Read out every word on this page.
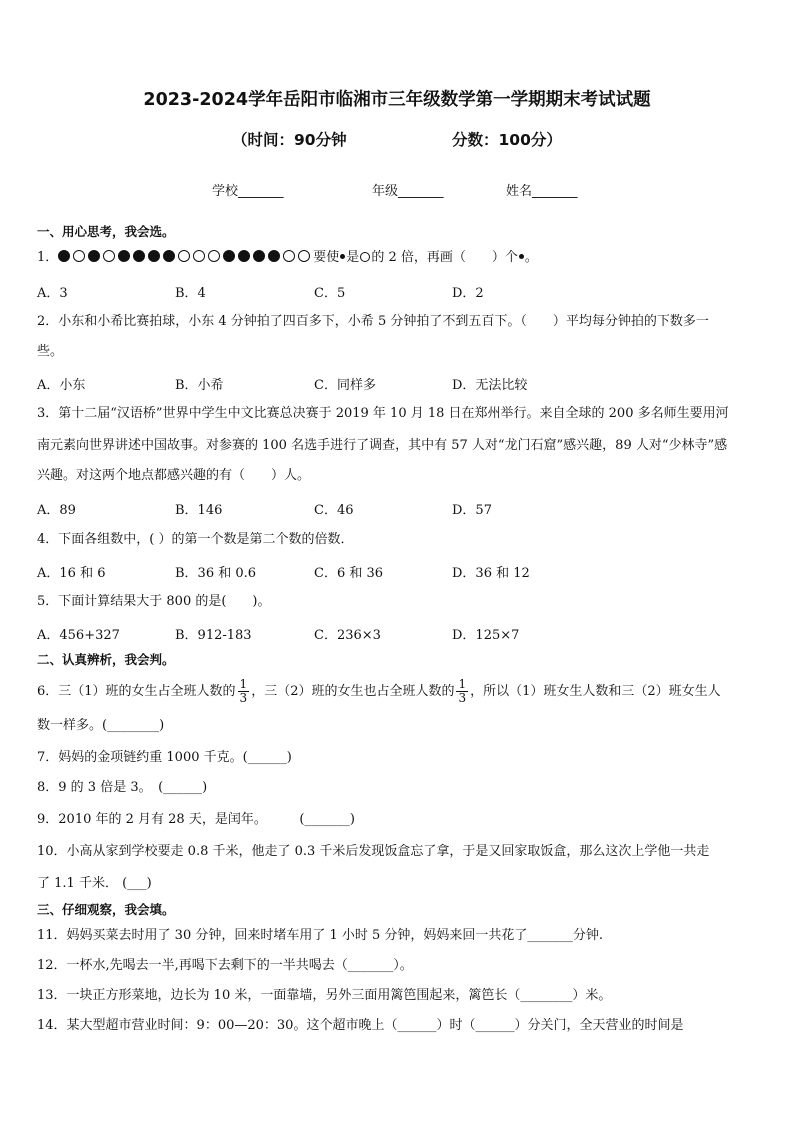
2023-2024学年岳阳市临湘市三年级数学第一学期期末考试试题
（时间：90分钟	分数：100分）
学校_______	年级_______	姓名_______
一、用心思考，我会选。
1．	要使 是 的 2 倍，再画（　　）个 。
A．3	B．4	C．5	D．2
2．小东和小希比赛拍球，小东 4 分钟拍了四百多下，小希 5 分钟拍了不到五百下。（　　）平均每分钟拍的下数多一
些。
A．小东	B．小希	C．同样多	D．无法比较
3．第十二届“汉语桥”世界中学生中文比赛总决赛于 2019 年 10 月 18 日在郑州举行。来自全球的 200 多名师生要用河
南元素向世界讲述中国故事。对参赛的 100 名选手进行了调查，其中有 57 人对“龙门石窟”感兴趣，89 人对“少林寺”感
兴趣。对这两个地点都感兴趣的有（　　）人。
A．89	B．146	C．46	D．57
4．下面各组数中，( ）的第一个数是第二个数的倍数．
A．16 和 6	B．36 和 0.6	C．6 和 36	D．36 和 12
5．下面计算结果大于 800 的是(　　)。
A．456+327	B．912-183	C．236×3	D．125×7
二、认真辨析，我会判。
6．三（1）班的女生占全班人数的 $\frac{1}{3}$ ，三（2）班的女生也占全班人数的 $\frac{1}{3}$ ，所以（1）班女生人数和三（2）班女生人
数一样多。(________)
7．妈妈的金项链约重 1000 千克。(______)
8．9 的 3 倍是 3。　(______)
9．2010 年的 2 月有 28 天，是闰年。　　　(_______)
10．小高从家到学校要走 0.8 千米，他走了 0.3 千米后发现饭盒忘了拿，于是又回家取饭盒，那么这次上学他一共走
了 1.1 千米． (___)
三、仔细观察，我会填。
11．妈妈买菜去时用了 30 分钟，回来时堵车用了 1 小时 5 分钟，妈妈来回一共花了_______分钟.
12．一杯水,先喝去一半,再喝下去剩下的一半共喝去（_______）。
13．一块正方形菜地，边长为 10 米，一面靠墙，另外三面用篱笆围起来，篱笆长（________）米。
14．某大型超市营业时间：9：00—20：30。这个超市晚上（______）时（______）分关门，全天营业的时间是
